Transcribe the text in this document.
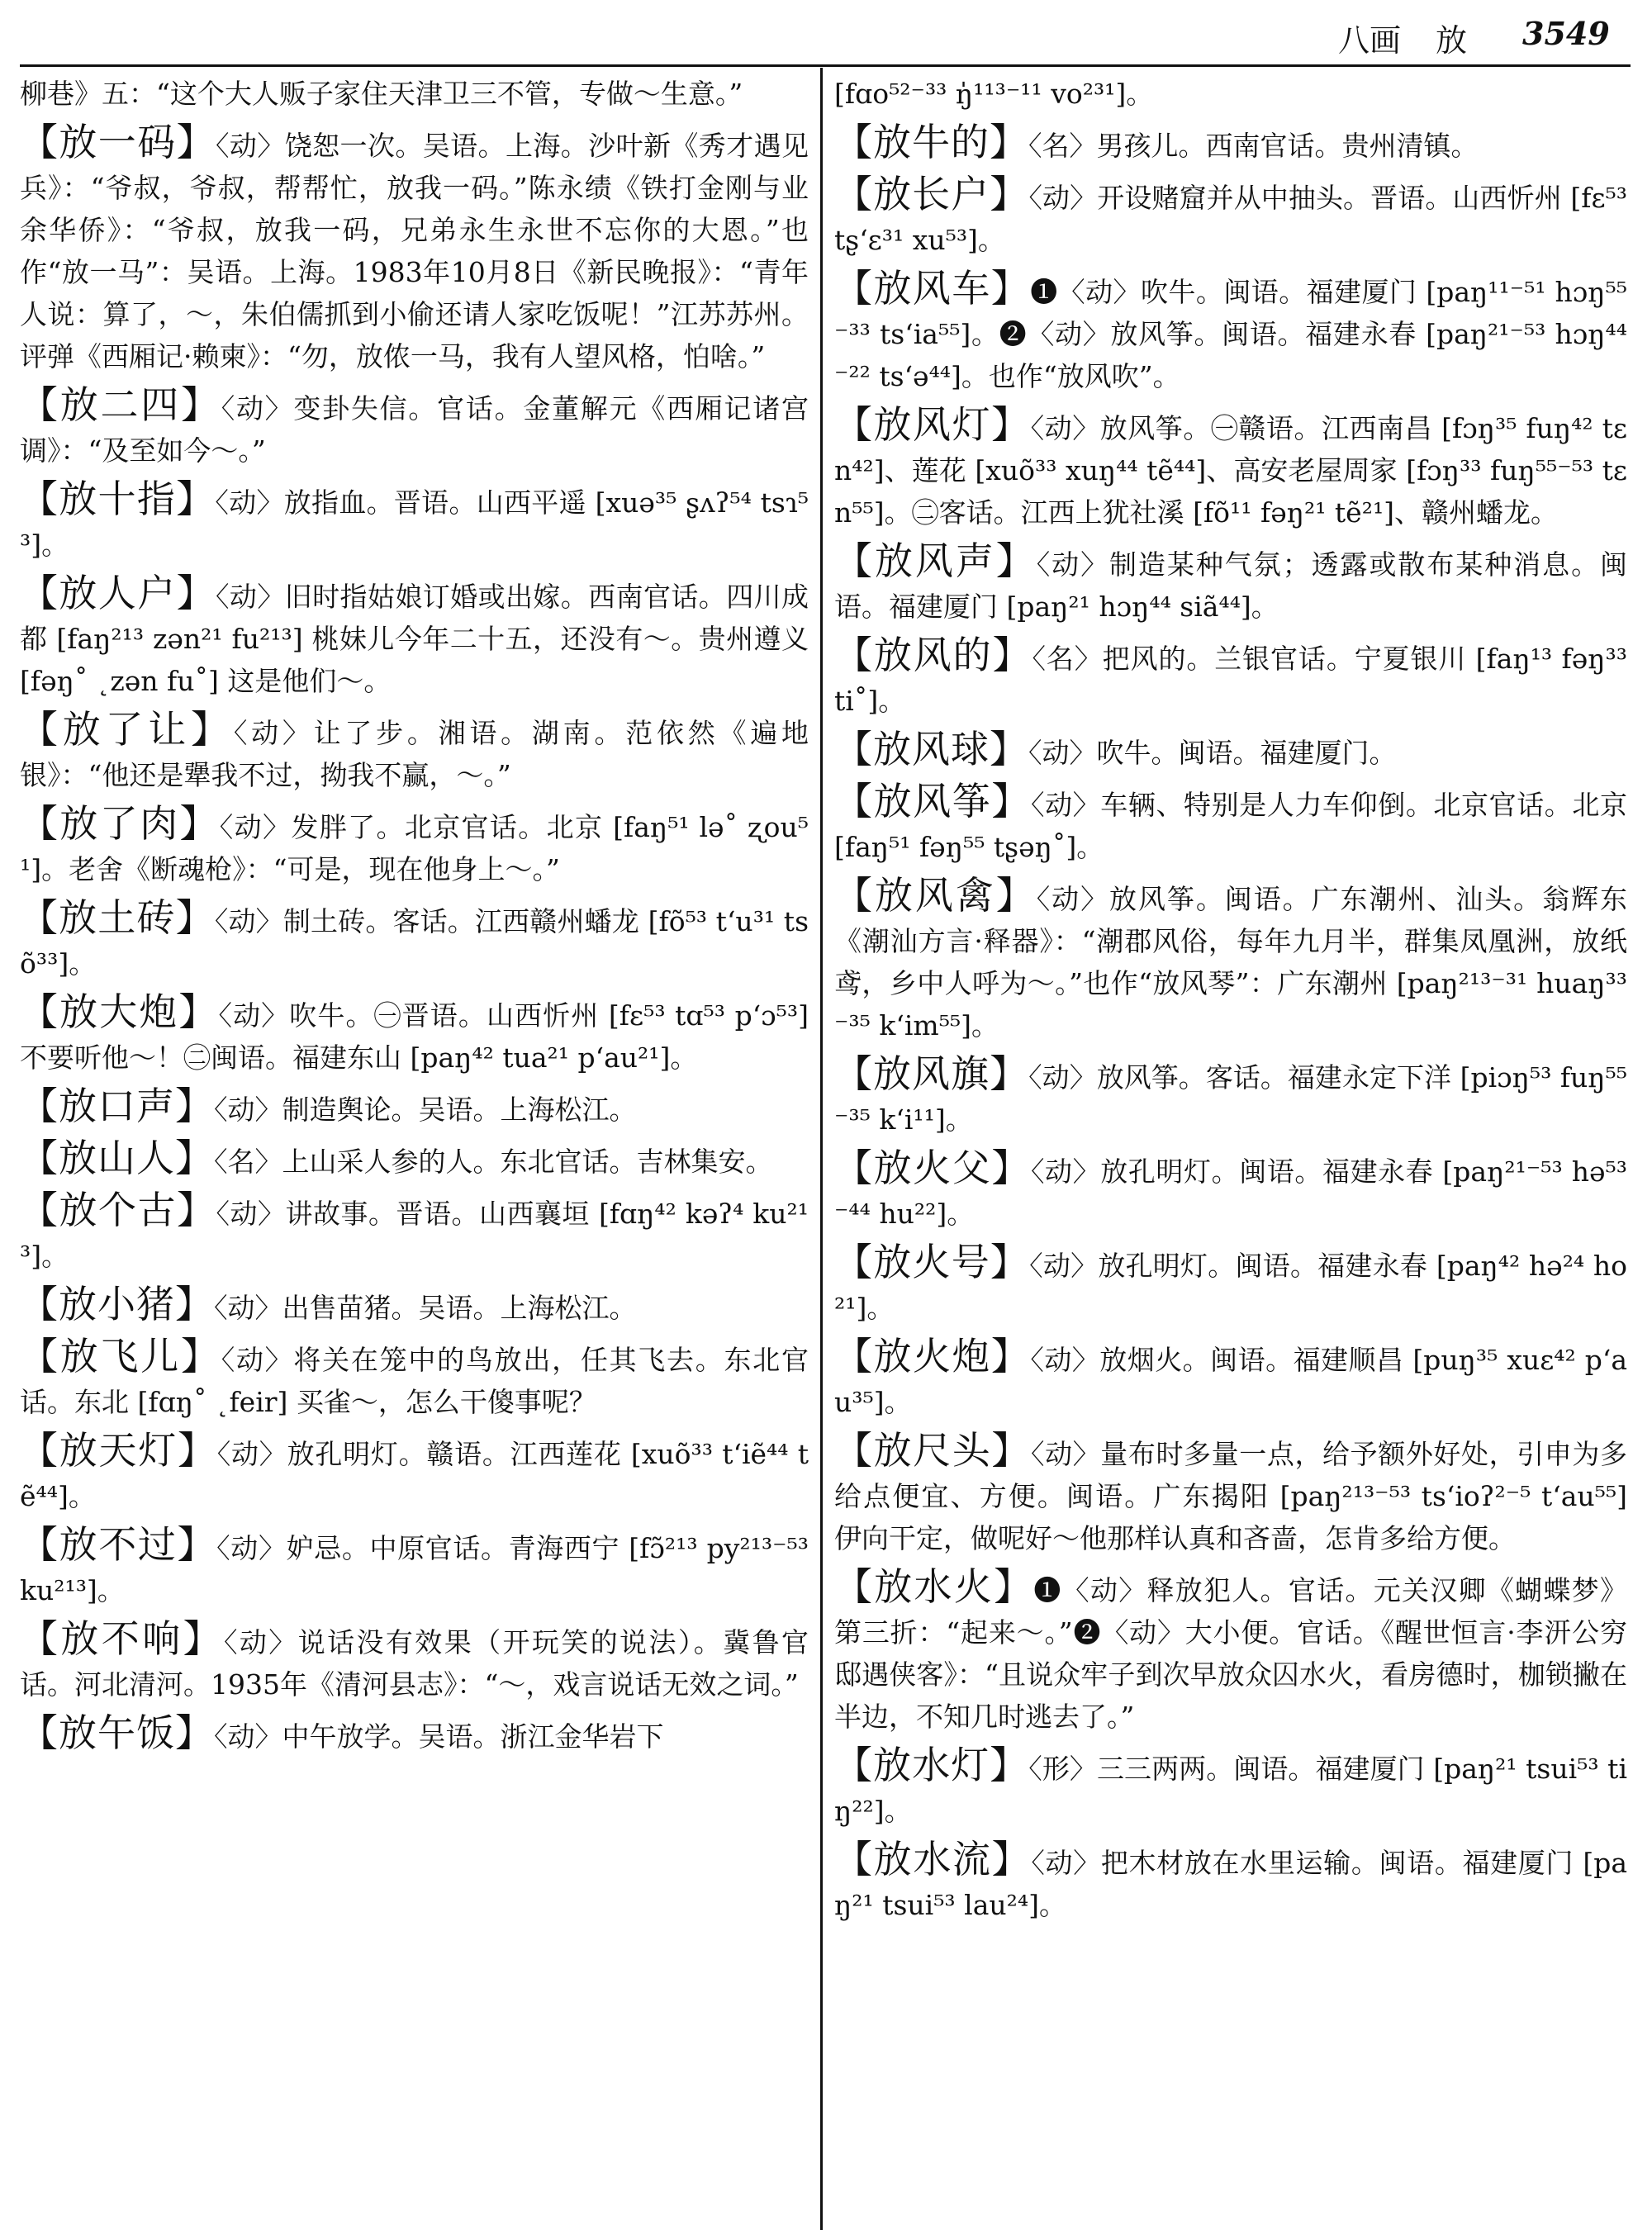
八画 放 3549

柳巷》五：“这个大人贩子家住天津卫三不管，专做～生意。”

【放一码】〈动〉饶恕一次。吴语。上海。沙叶新《秀才遇见兵》：“爷叔，爷叔，帮帮忙，放我一码。”陈永绩《铁打金刚与业余华侨》：“爷叔，放我一码，兄弟永生永世不忘你的大恩。”也作“放一马”：吴语。上海。1983年10月8日《新民晚报》：“青年人说：算了，～，朱伯儒抓到小偷还请人家吃饭呢！”江苏苏州。评弹《西厢记·赖柬》：“勿，放侬一马，我有人望风格，怕啥。”

【放二四】〈动〉变卦失信。官话。金董解元《西厢记诸宫调》：“及至如今～。”

【放十指】〈动〉放指血。晋语。山西平遥 [xuə³⁵ ʂʌʔ⁵⁴ tsɿ⁵³]。

【放人户】〈动〉旧时指姑娘订婚或出嫁。西南官话。四川成都 [faŋ²¹³ zən²¹ fu²¹³] 桃妹儿今年二十五，还没有～。贵州遵义 [fəŋ˚ ˛zən fu˚] 这是他们～。

【放了让】〈动〉让了步。湘语。湖南。范依然《遍地银》：“他还是犟我不过，拗我不赢，～。”

【放了肉】〈动〉发胖了。北京官话。北京 [faŋ⁵¹ lə˚ ʐou⁵¹]。老舍《断魂枪》：“可是，现在他身上～。”

【放土砖】〈动〉制土砖。客话。江西赣州蟠龙 [fõ⁵³ t‘u³¹ tsõ³³]。

【放大炮】〈动〉吹牛。㊀晋语。山西忻州 [fɛ⁵³ tɑ⁵³ p‘ɔ⁵³] 不要听他～！㊁闽语。福建东山 [paŋ⁴² tua²¹ p‘au²¹]。

【放口声】〈动〉制造舆论。吴语。上海松江。

【放山人】〈名〉上山采人参的人。东北官话。吉林集安。

【放个古】〈动〉讲故事。晋语。山西襄垣 [fɑŋ⁴² kəʔ⁴ ku²¹³]。

【放小猪】〈动〉出售苗猪。吴语。上海松江。

【放飞儿】〈动〉将关在笼中的鸟放出，任其飞去。东北官话。东北 [fɑŋ˚ ˛feir] 买雀～，怎么干傻事呢？

【放天灯】〈动〉放孔明灯。赣语。江西莲花 [xuõ³³ t‘iẽ⁴⁴ tẽ⁴⁴]。

【放不过】〈动〉妒忌。中原官话。青海西宁 [fɔ̃²¹³ py²¹³⁻⁵³ ku²¹³]。

【放不响】〈动〉说话没有效果（开玩笑的说法）。冀鲁官话。河北清河。1935年《清河县志》：“～，戏言说话无效之词。”

【放午饭】〈动〉中午放学。吴语。浙江金华岩下

[fɑo⁵²⁻³³ ŋ̍¹¹³⁻¹¹ vo²³¹]。

【放牛的】〈名〉男孩儿。西南官话。贵州清镇。

【放长户】〈动〉开设赌窟并从中抽头。晋语。山西忻州 [fɛ⁵³ tʂ‘ɛ³¹ xu⁵³]。

【放风车】❶〈动〉吹牛。闽语。福建厦门 [paŋ¹¹⁻⁵¹ hɔŋ⁵⁵⁻³³ ts‘ia⁵⁵]。❷〈动〉放风筝。闽语。福建永春 [paŋ²¹⁻⁵³ hɔŋ⁴⁴⁻²² ts‘ə⁴⁴]。也作“放风吹”。

【放风灯】〈动〉放风筝。㊀赣语。江西南昌 [fɔŋ³⁵ fuŋ⁴² tɛn⁴²]、莲花 [xuõ³³ xuŋ⁴⁴ tẽ⁴⁴]、高安老屋周家 [fɔŋ³³ fuŋ⁵⁵⁻⁵³ tɛn⁵⁵]。㊁客话。江西上犹社溪 [fõ¹¹ fəŋ²¹ tẽ²¹]、赣州蟠龙。

【放风声】〈动〉制造某种气氛；透露或散布某种消息。闽语。福建厦门 [paŋ²¹ hɔŋ⁴⁴ siã⁴⁴]。

【放风的】〈名〉把风的。兰银官话。宁夏银川 [faŋ¹³ fəŋ³³ ti˚]。

【放风球】〈动〉吹牛。闽语。福建厦门。

【放风筝】〈动〉车辆、特别是人力车仰倒。北京官话。北京 [faŋ⁵¹ fəŋ⁵⁵ tʂəŋ˚]。

【放风禽】〈动〉放风筝。闽语。广东潮州、汕头。翁辉东《潮汕方言·释器》：“潮郡风俗，每年九月半，群集凤凰洲，放纸鸢，乡中人呼为～。”也作“放风琴”：广东潮州 [paŋ²¹³⁻³¹ huaŋ³³⁻³⁵ k‘im⁵⁵]。

【放风旗】〈动〉放风筝。客话。福建永定下洋 [piɔŋ⁵³ fuŋ⁵⁵⁻³⁵ k‘i¹¹]。

【放火父】〈动〉放孔明灯。闽语。福建永春 [paŋ²¹⁻⁵³ hə⁵³⁻⁴⁴ hu²²]。

【放火号】〈动〉放孔明灯。闽语。福建永春 [paŋ⁴² hə²⁴ ho²¹]。

【放火炮】〈动〉放烟火。闽语。福建顺昌 [puŋ³⁵ xuɛ⁴² p‘au³⁵]。

【放尺头】〈动〉量布时多量一点，给予额外好处，引申为多给点便宜、方便。闽语。广东揭阳 [paŋ²¹³⁻⁵³ ts‘ioʔ²⁻⁵ t‘au⁵⁵] 伊向干定，做呢好～他那样认真和吝啬，怎肯多给方便。

【放水火】❶〈动〉释放犯人。官话。元关汉卿《蝴蝶梦》第三折：“起来～。”❷〈动〉大小便。官话。《醒世恒言·李汧公穷邸遇侠客》：“且说众牢子到次早放众囚水火，看房德时，枷锁撇在半边，不知几时逃去了。”

【放水灯】〈形〉三三两两。闽语。福建厦门 [paŋ²¹ tsui⁵³ tiŋ²²]。

【放水流】〈动〉把木材放在水里运输。闽语。福建厦门 [paŋ²¹ tsui⁵³ lau²⁴]。
